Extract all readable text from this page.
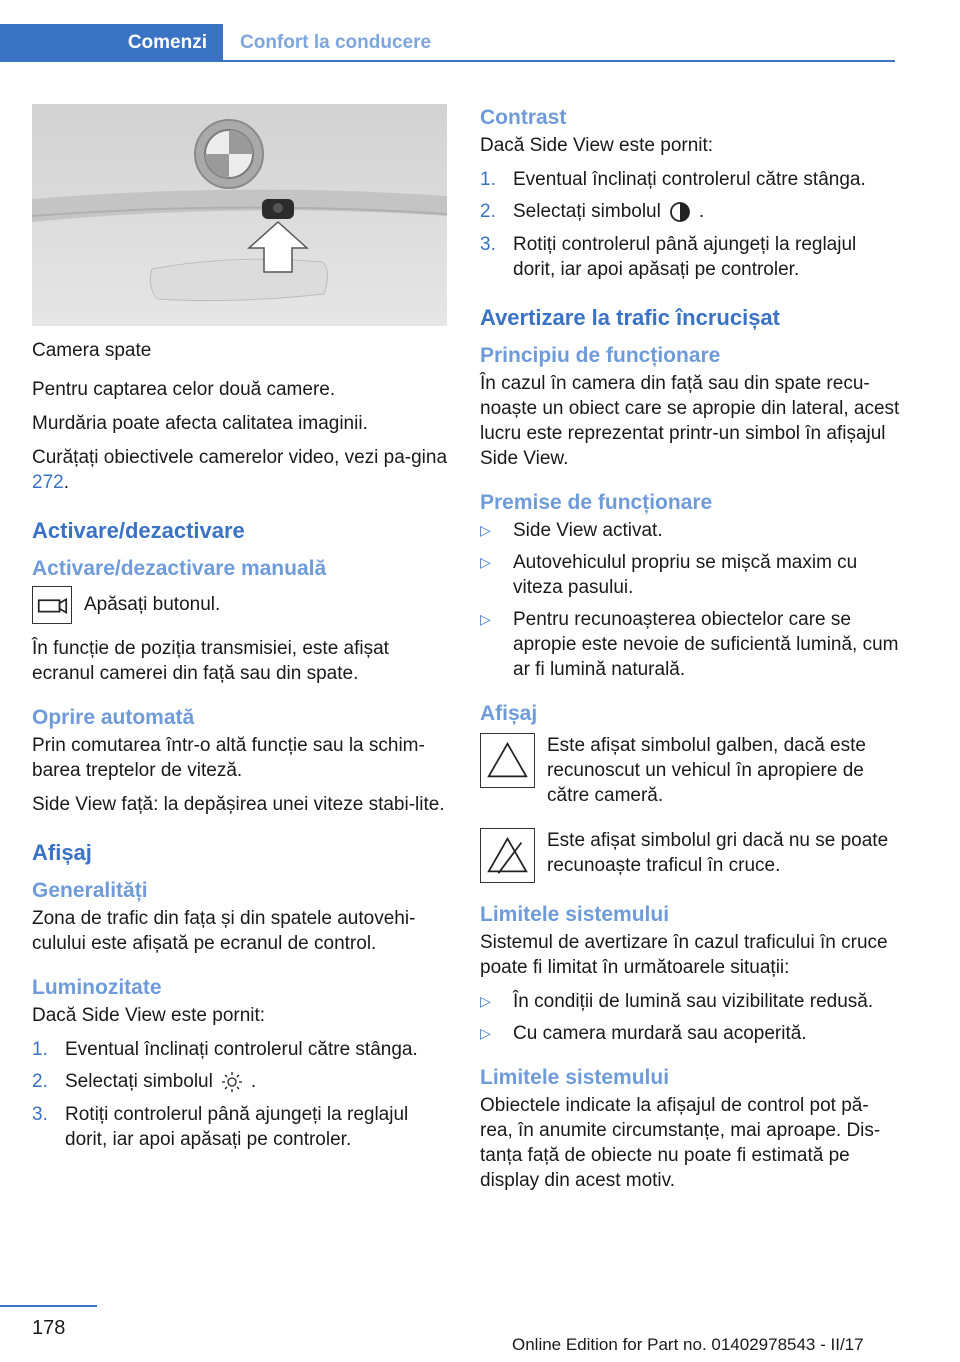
Comenzi	Confort la conducere

Camera spate

Pentru captarea celor două camere.

Murdăria poate afecta calitatea imaginii.

Curățați obiectivele camerelor video, vezi pa‐gina 272.

Activare/dezactivare
Activare/dezactivare manuală

Apăsați butonul.

În funcție de poziția transmisiei, este afișat ecranul camerei din față sau din spate.

Oprire automată

Prin comutarea într-o altă funcție sau la schim‐barea treptelor de viteză.

Side View față: la depășirea unei viteze stabi‐lite.

Afișaj
Generalități

Zona de trafic din fața și din spatele autovehi‐culului este afișată pe ecranul de control.

Luminozitate

Dacă Side View este pornit:

1. Eventual înclinați controlerul către stânga.
2. Selectați simbolul .
3. Rotiți controlerul până ajungeți la reglajul dorit, iar apoi apăsați pe controler.
Contrast

Dacă Side View este pornit:

1. Eventual înclinați controlerul către stânga.
2. Selectați simbolul .
3. Rotiți controlerul până ajungeți la reglajul dorit, iar apoi apăsați pe controler.
Avertizare la trafic încrucișat
Principiu de funcționare

În cazul în camera din față sau din spate recu‐noaște un obiect care se apropie din lateral, acest lucru este reprezentat printr-un simbol în afișajul Side View.

Premise de funcționare
▷ Side View activat.
▷ Autovehiculul propriu se mișcă maxim cu viteza pasului.
▷ Pentru recunoașterea obiectelor care se apropie este nevoie de suficientă lumină, cum ar fi lumină naturală.
Afișaj

Este afișat simbolul galben, dacă este recunoscut un vehicul în apropiere de către cameră.

Este afișat simbolul gri dacă nu se poate recunoaște traficul în cruce.

Limitele sistemului

Sistemul de avertizare în cazul traficului în cruce poate fi limitat în următoarele situații:

▷ În condiții de lumină sau vizibilitate redusă.
▷ Cu camera murdară sau acoperită.
Limitele sistemului

Obiectele indicate la afișajul de control pot pă‐rea, în anumite circumstanțe, mai aproape. Dis‐tanța față de obiecte nu poate fi estimată pe display din acest motiv.

178
Online Edition for Part no. 01402978543 - II/17
